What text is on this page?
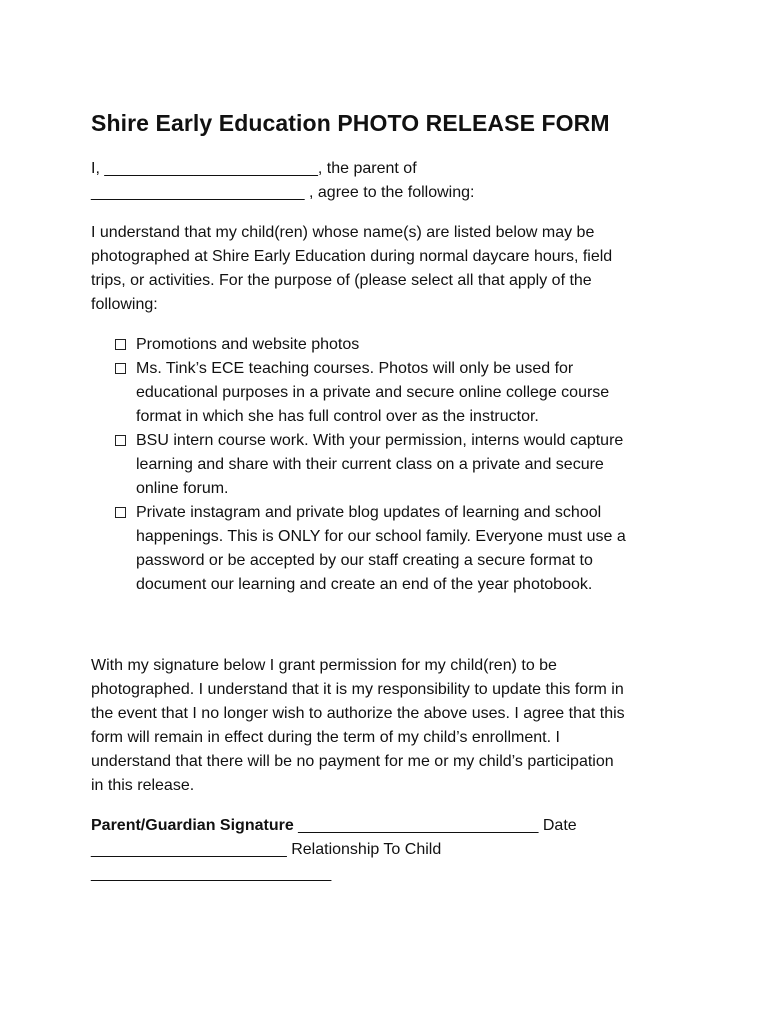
Shire Early Education PHOTO RELEASE FORM

I, ________________________, the parent of
________________________ , agree to the following:

I understand that my child(ren) whose name(s) are listed below may be
photographed at Shire Early Education during normal daycare hours, field
trips, or activities. For the purpose of (please select all that apply of the
following:

Promotions and website photos
Ms. Tink’s ECE teaching courses. Photos will only be used for
educational purposes in a private and secure online college course
format in which she has full control over as the instructor.
BSU intern course work. With your permission, interns would capture
learning and share with their current class on a private and secure
online forum.
Private instagram and private blog updates of learning and school
happenings. This is ONLY for our school family. Everyone must use a
password or be accepted by our staff creating a secure format to
document our learning and create an end of the year photobook.

With my signature below I grant permission for my child(ren) to be
photographed. I understand that it is my responsibility to update this form in
the event that I no longer wish to authorize the above uses. I agree that this
form will remain in effect during the term of my child’s enrollment. I
understand that there will be no payment for me or my child’s participation
in this release.

Parent/Guardian Signature ___________________________ Date
______________________ Relationship To Child
___________________________
